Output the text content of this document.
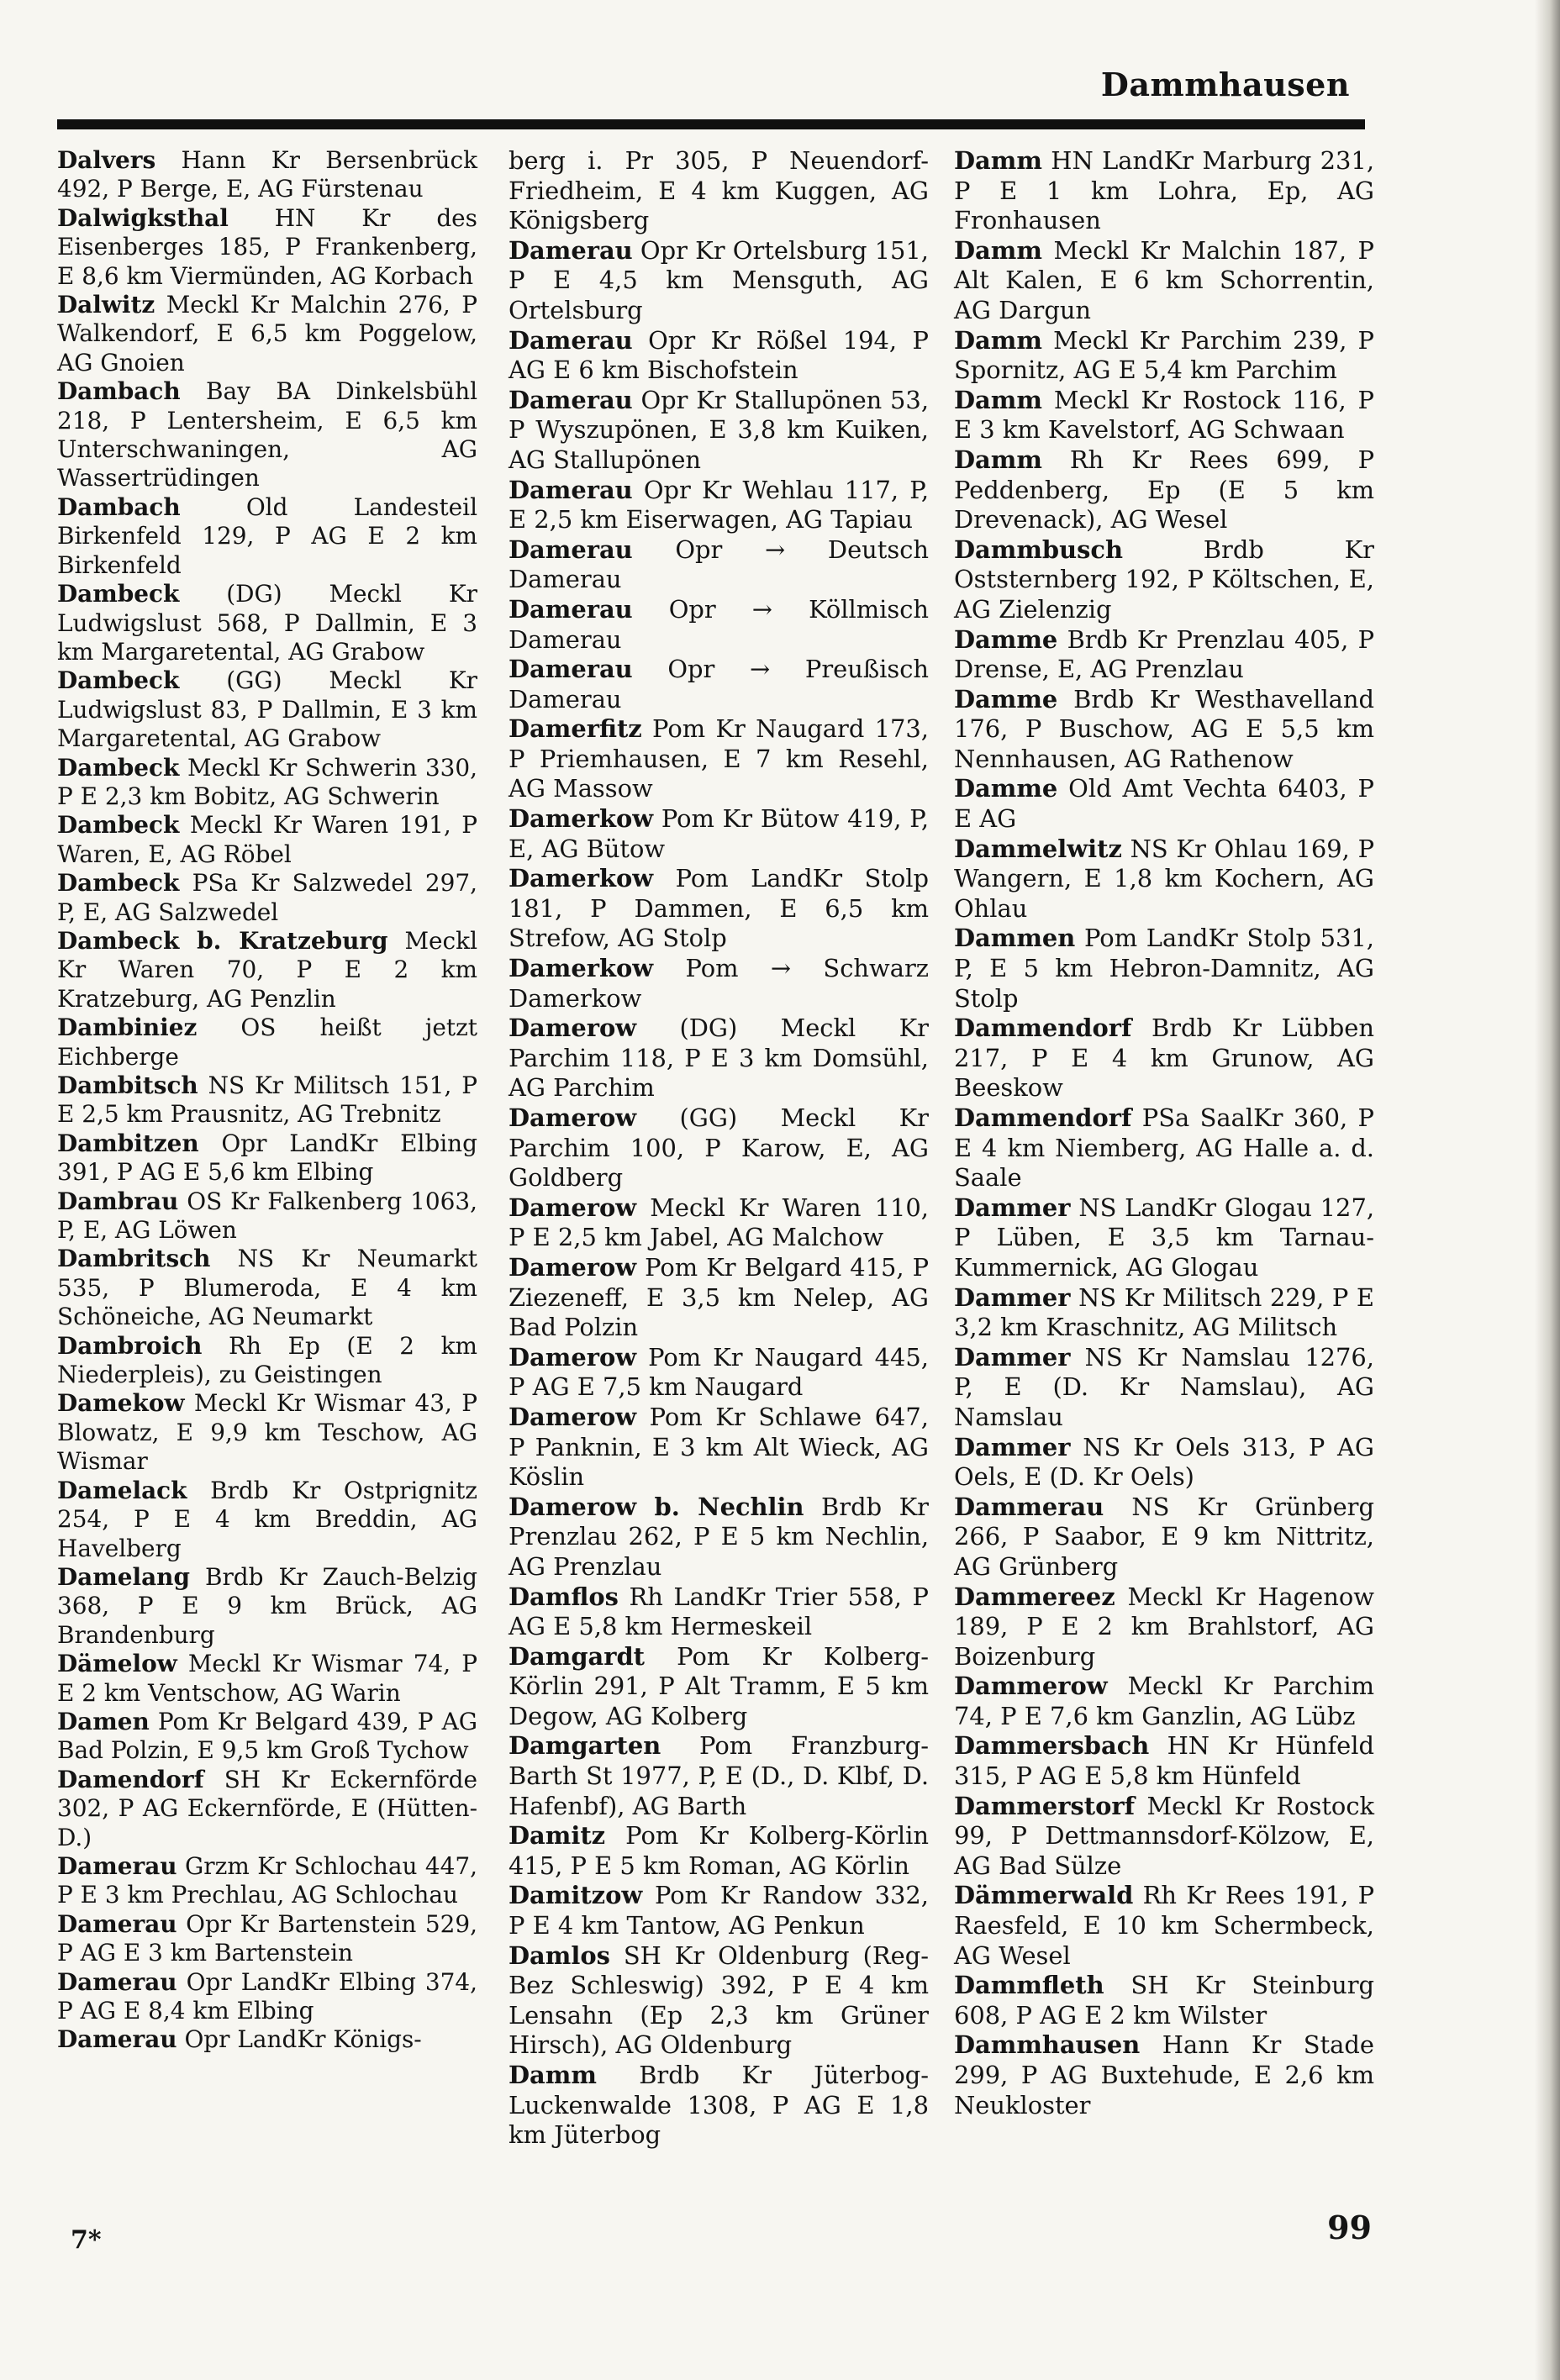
Dammhausen

Dalvers Hann Kr Bersenbrück 492, P Berge, E, AG Fürstenau

Dalwigksthal HN Kr des Eisenberges 185, P Frankenberg, E 8,6 km Viermünden, AG Korbach

Dalwitz Meckl Kr Malchin 276, P Walkendorf, E 6,5 km Poggelow, AG Gnoien

Dambach Bay BA Dinkelsbühl 218, P Lentersheim, E 6,5 km Unterschwaningen, AG Wassertrüdingen

Dambach	Old Landesteil Birkenfeld 129, P AG E 2 km Birkenfeld

Dambeck (DG) Meckl Kr Ludwigslust 568, P Dallmin, E 3 km Margaretental, AG Grabow

Dambeck (GG) Meckl Kr Ludwigslust 83, P Dallmin, E 3 km Margaretental, AG Grabow

Dambeck Meckl Kr Schwerin 330, P E 2,3 km Bobitz, AG Schwerin

Dambeck Meckl Kr Waren 191, P Waren, E, AG Röbel

Dambeck PSa Kr Salzwedel 297, P, E, AG Salzwedel

Dambeck b. Kratzeburg Meckl Kr Waren 70, P E 2 km Kratzeburg, AG Penzlin

Dambiniez OS heißt jetzt Eichberge

Dambitsch NS Kr Militsch 151, P E 2,5 km Prausnitz, AG Trebnitz

Dambitzen Opr LandKr Elbing 391, P AG E 5,6 km Elbing

Dambrau OS Kr Falkenberg 1063, P, E, AG Löwen

Dambritsch NS Kr Neumarkt 535, P Blumeroda, E 4 km Schöneiche, AG Neumarkt

Dambroich Rh Ep (E 2 km Niederpleis), zu Geistingen

Damekow Meckl Kr Wismar 43, P Blowatz, E 9,9 km Teschow, AG Wismar

Damelack Brdb Kr Ostprignitz 254, P E 4 km Breddin, AG Havelberg

Damelang Brdb Kr Zauch-Belzig 368, P E 9 km Brück, AG Brandenburg

Dämelow Meckl Kr Wismar 74, P E 2 km Ventschow, AG Warin

Damen Pom Kr Belgard 439, P AG Bad Polzin, E 9,5 km Groß Tychow

Damendorf SH Kr Eckernförde 302, P AG Eckernförde, E (Hütten-D.)

Damerau Grzm Kr Schlochau 447, P E 3 km Prechlau, AG Schlochau

Damerau Opr Kr Bartenstein 529, P AG E 3 km Bartenstein

Damerau Opr LandKr Elbing 374, P AG E 8,4 km Elbing

Damerau Opr LandKr Königs-

berg i. Pr 305, P Neuendorf-Friedheim, E 4 km Kuggen, AG Königsberg

Damerau Opr Kr Ortelsburg 151, P E 4,5 km Mensguth, AG Ortelsburg

Damerau Opr Kr Rößel 194, P AG E 6 km Bischofstein

Damerau Opr Kr Stallupönen 53, P Wyszupönen, E 3,8 km Kuiken, AG Stallupönen

Damerau Opr Kr Wehlau 117, P, E 2,5 km Eiserwagen, AG Tapiau

Damerau Opr → Deutsch Damerau

Damerau Opr → Köllmisch Damerau

Damerau Opr → Preußisch Damerau

Damerfitz Pom Kr Naugard 173, P Priemhausen, E 7 km Resehl, AG Massow

Damerkow Pom Kr Bütow 419, P, E, AG Bütow

Damerkow Pom LandKr Stolp 181, P Dammen, E 6,5 km Strefow, AG Stolp

Damerkow Pom → Schwarz Damerkow

Damerow (DG) Meckl Kr Parchim 118, P E 3 km Domsühl, AG Parchim

Damerow (GG) Meckl Kr Parchim 100, P Karow, E, AG Goldberg

Damerow Meckl Kr Waren 110, P E 2,5 km Jabel, AG Malchow

Damerow Pom Kr Belgard 415, P Ziezeneff, E 3,5 km Nelep, AG Bad Polzin

Damerow Pom Kr Naugard 445, P AG E 7,5 km Naugard

Damerow Pom Kr Schlawe 647, P Panknin, E 3 km Alt Wieck, AG Köslin

Damerow b. Nechlin Brdb Kr Prenzlau 262, P E 5 km Nechlin, AG Prenzlau

Damflos Rh LandKr Trier 558, P AG E 5,8 km Hermeskeil

Damgardt Pom Kr Kolberg-Körlin 291, P Alt Tramm, E 5 km Degow, AG Kolberg

Damgarten Pom Franzburg-Barth St 1977, P, E (D., D. Klbf, D. Hafenbf), AG Barth

Damitz Pom Kr Kolberg-Körlin 415, P E 5 km Roman, AG Körlin

Damitzow Pom Kr Randow 332, P E 4 km Tantow, AG Penkun

Damlos SH Kr Oldenburg (Reg-Bez Schleswig) 392, P E 4 km Lensahn (Ep 2,3 km Grüner Hirsch), AG Oldenburg

Damm Brdb Kr Jüterbog-Luckenwalde 1308, P AG E 1,8 km Jüterbog

Damm HN LandKr Marburg 231, P E 1 km Lohra, Ep, AG Fronhausen

Damm Meckl Kr Malchin 187, P Alt Kalen, E 6 km Schorrentin, AG Dargun

Damm Meckl Kr Parchim 239, P Spornitz, AG E 5,4 km Parchim

Damm Meckl Kr Rostock 116, P E 3 km Kavelstorf, AG Schwaan

Damm Rh Kr Rees 699, P Peddenberg, Ep (E 5 km Drevenack), AG Wesel

Dammbusch	Brdb Kr Oststernberg 192, P Költschen, E, AG Zielenzig

Damme Brdb Kr Prenzlau 405, P Drense, E, AG Prenzlau

Damme Brdb Kr Westhavelland 176, P Buschow, AG E 5,5 km Nennhausen, AG Rathenow

Damme Old Amt Vechta 6403, P E AG

Dammelwitz NS Kr Ohlau 169, P Wangern, E 1,8 km Kochern, AG Ohlau

Dammen Pom LandKr Stolp 531, P, E 5 km Hebron-Damnitz, AG Stolp

Dammendorf Brdb Kr Lübben 217, P E 4 km Grunow, AG Beeskow

Dammendorf PSa SaalKr 360, P E 4 km Niemberg, AG Halle a. d. Saale

Dammer NS LandKr Glogau 127, P Lüben, E 3,5 km Tarnau-Kummernick, AG Glogau

Dammer NS Kr Militsch 229, P E 3,2 km Kraschnitz, AG Militsch

Dammer NS Kr Namslau 1276, P, E (D. Kr Namslau), AG Namslau

Dammer NS Kr Oels 313, P AG Oels, E (D. Kr Oels)

Dammerau NS Kr Grünberg 266, P Saabor, E 9 km Nittritz, AG Grünberg

Dammereez Meckl Kr Hagenow 189, P E 2 km Brahlstorf, AG Boizenburg

Dammerow Meckl Kr Parchim 74, P E 7,6 km Ganzlin, AG Lübz

Dammersbach HN Kr Hünfeld 315, P AG E 5,8 km Hünfeld

Dammerstorf Meckl Kr Rostock 99, P Dettmannsdorf-Kölzow, E, AG Bad Sülze

Dämmerwald Rh Kr Rees 191, P Raesfeld, E 10 km Schermbeck, AG Wesel

Dammfleth SH Kr Steinburg 608, P AG E 2 km Wilster

Dammhausen Hann Kr Stade 299, P AG Buxtehude, E 2,6 km Neukloster

7*	99
